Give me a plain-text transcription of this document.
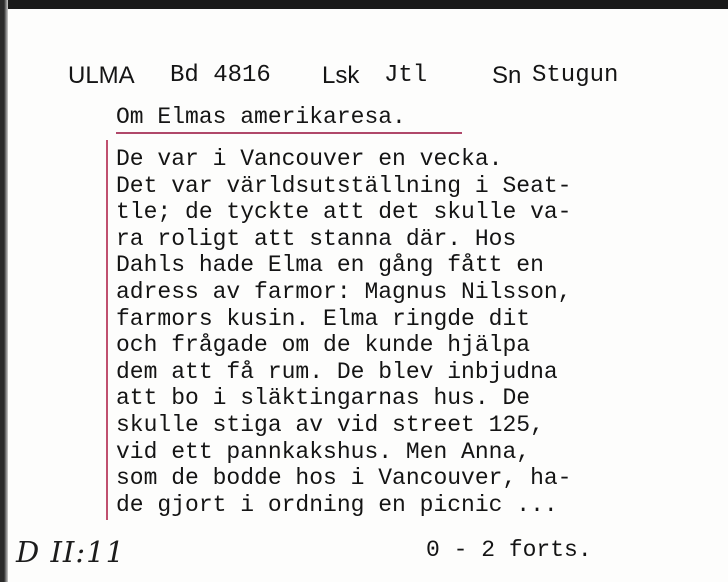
ULMA Bd 4816 Lsk Jtl	Sn Stugun
Om Elmas amerikaresa.
De var i Vancouver en vecka.
Det var världsutställning i Seat-
tle; de tyckte att det skulle va-
ra roligt att stanna där. Hos
Dahls hade Elma en gång fått en
adress av farmor: Magnus Nilsson,
farmors kusin. Elma ringde dit
och frågade om de kunde hjälpa
dem att få rum. De blev inbjudna
att bo i släktingarnas hus. De
skulle stiga av vid street 125,
vid ett pannkakshus. Men Anna,
som de bodde hos i Vancouver, ha-
de gjort i ordning en picnic ...
0 - 2 forts.
D II:11
